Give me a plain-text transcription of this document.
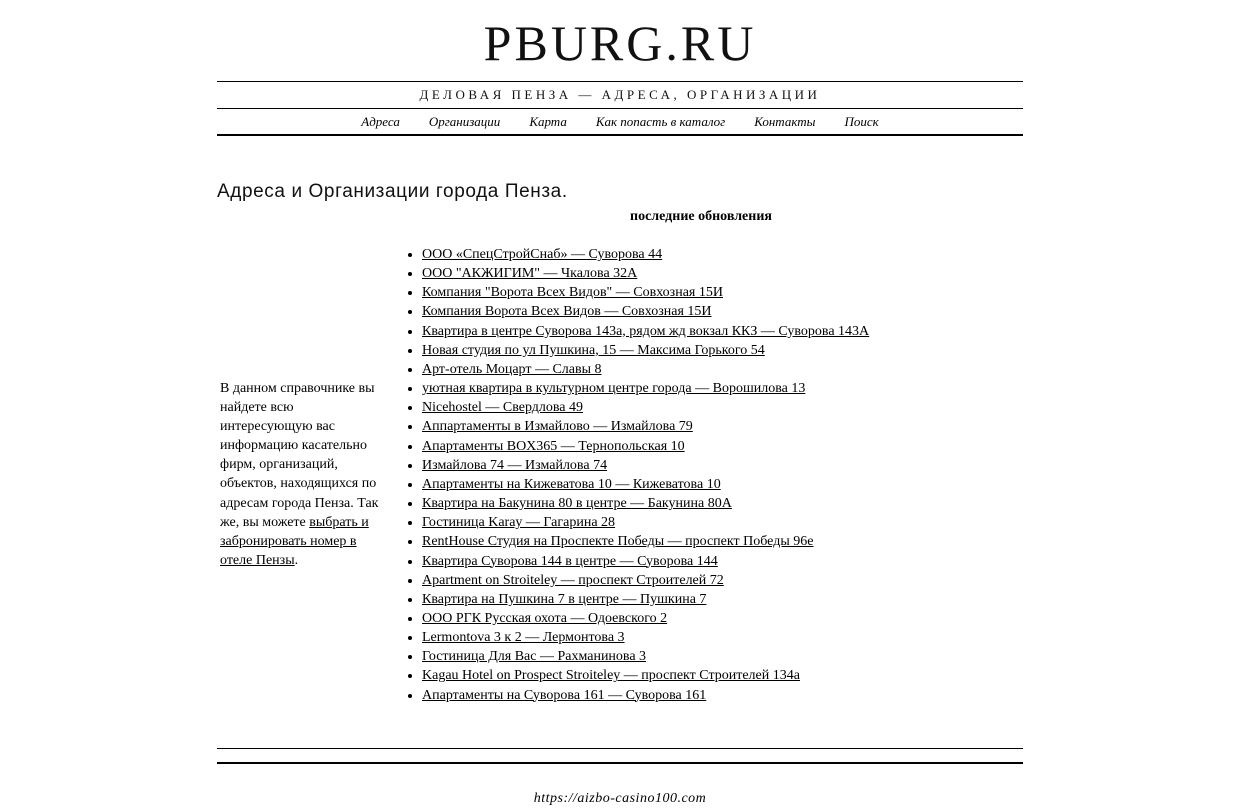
PBURG.RU
ДЕЛОВАЯ ПЕНЗА — АДРЕСА, ОРГАНИЗАЦИИ
Адреса Организации Карта Как попасть в каталог Контакты Поиск
Адреса и Организации города Пенза.
последние обновления
В данном справочнике вы найдете всю интересующую вас информацию касательно фирм, организаций, объектов, находящихся по адресам города Пенза. Так же, вы можете выбрать и забронировать номер в отеле Пензы.
• ООО «СпецСтройСнаб» — Суворова 44
• ООО "АКЖИГИМ" — Чкалова 32А
• Компания "Ворота Всех Видов" — Совхозная 15И
• Компания Ворота Всех Видов — Совхозная 15И
• Квартира в центре Суворова 143а, рядом жд вокзал ККЗ — Суворова 143А
• Новая студия по ул Пушкина, 15 — Максима Горького 54
• Арт-отель Моцарт — Славы 8
• уютная квартира в культурном центре города — Ворошилова 13
• Nicehostel — Свердлова 49
• Аппартаменты в Измайлово — Измайлова 79
• Апартаменты BOX365 — Тернопольская 10
• Измайлова 74 — Измайлова 74
• Апартаменты на Кижеватова 10 — Кижеватова 10
• Квартира на Бакунина 80 в центре — Бакунина 80А
• Гостиница Karay — Гагарина 28
• RentHouse Студия на Проспекте Победы — проспект Победы 96е
• Квартира Суворова 144 в центре — Суворова 144
• Apartment on Stroiteley — проспект Строителей 72
• Квартира на Пушкина 7 в центре — Пушкина 7
• ООО РГК Русская охота — Одоевского 2
• Lermontova 3 к 2 — Лермонтова 3
• Гостиница Для Вас — Рахманинова 3
• Kagau Hotel on Prospect Stroiteley — проспект Строителей 134а
• Апартаменты на Суворова 161 — Суворова 161
https://aizbo-casino100.com
